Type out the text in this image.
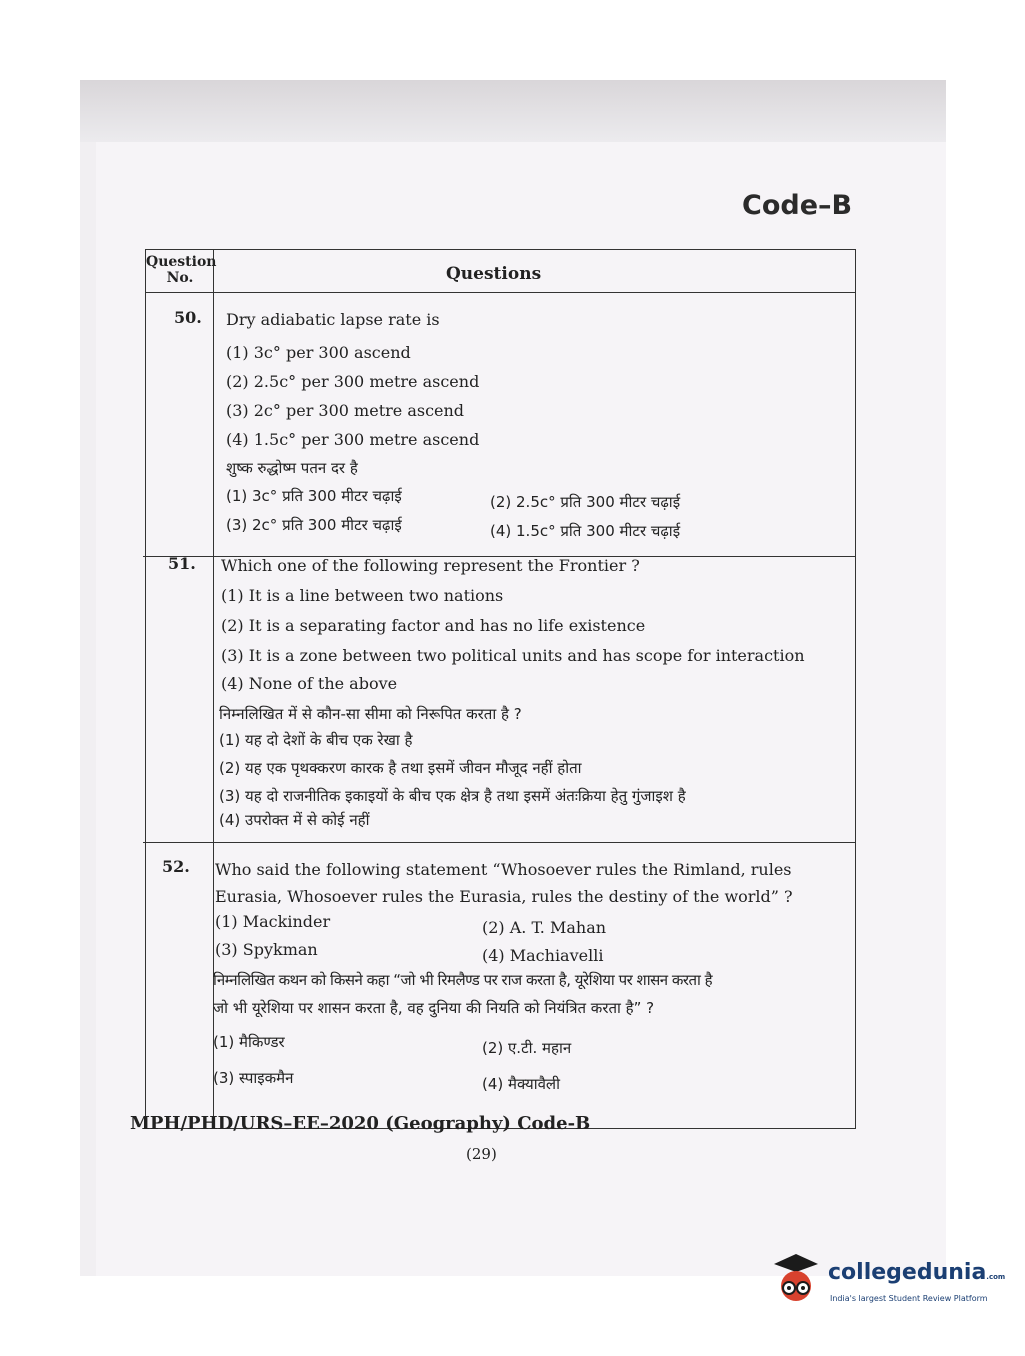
Code–B
Question No.	Questions
50. Dry adiabatic lapse rate is
(1) 3c° per 300 ascend
(2) 2.5c° per 300 metre ascend
(3) 2c° per 300 metre ascend
(4) 1.5c° per 300 metre ascend
शुष्क रुद्धोष्म पतन दर है
(1) 3c° प्रति 300 मीटर चढ़ाई	(2) 2.5c° प्रति 300 मीटर चढ़ाई
(3) 2c° प्रति 300 मीटर चढ़ाई	(4) 1.5c° प्रति 300 मीटर चढ़ाई
51. Which one of the following represent the Frontier ?
(1) It is a line between two nations
(2) It is a separating factor and has no life existence
(3) It is a zone between two political units and has scope for interaction
(4) None of the above
निम्नलिखित में से कौन-सा सीमा को निरूपित करता है ?
(1) यह दो देशों के बीच एक रेखा है
(2) यह एक पृथक्करण कारक है तथा इसमें जीवन मौजूद नहीं होता
(3) यह दो राजनीतिक इकाइयों के बीच एक क्षेत्र है तथा इसमें अंतःक्रिया हेतु गुंजाइश है
(4) उपरोक्त में से कोई नहीं
52. Who said the following statement “Whosoever rules the Rimland, rules
Eurasia, Whosoever rules the Eurasia, rules the destiny of the world” ?
(1) Mackinder	(2) A. T. Mahan
(3) Spykman	(4) Machiavelli
निम्नलिखित कथन को किसने कहा “जो भी रिमलैण्ड पर राज करता है, यूरेशिया पर शासन करता है
जो भी यूरेशिया पर शासन करता है, वह दुनिया की नियति को नियंत्रित करता है” ?
(1) मैकिण्डर	(2) ए.टी. महान
(3) स्पाइकमैन	(4) मैक्यावैली
MPH/PHD/URS–EE–2020 (Geography) Code-B
(29)
collegedunia.com
India's largest Student Review Platform
